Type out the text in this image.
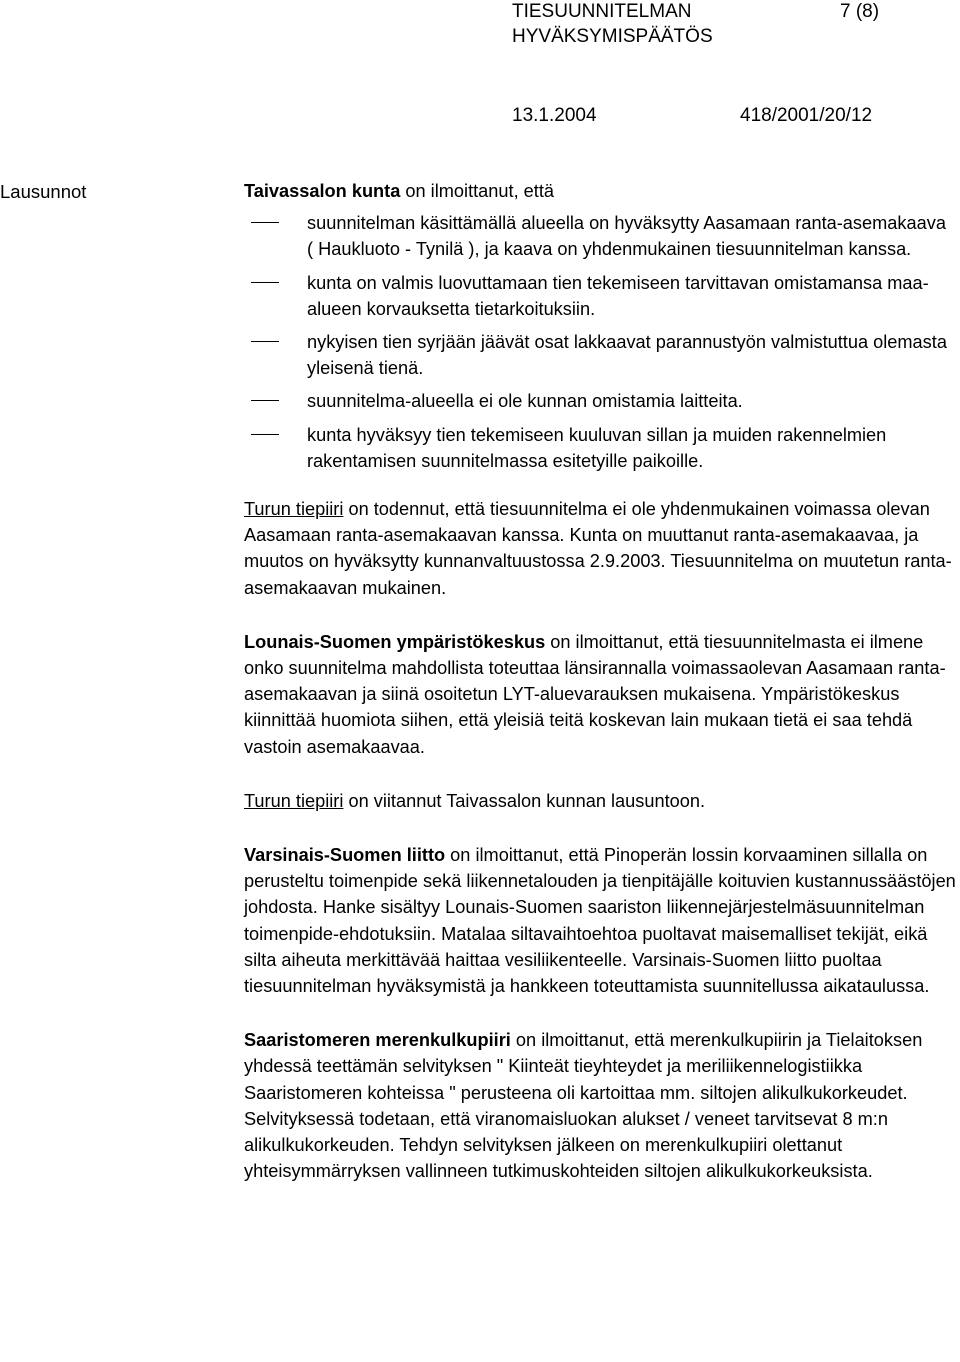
TIESUUNNITELMAN	7 (8)
HYVÄKSYMISPÄÄTÖS
13.1.2004	418/2001/20/12
Lausunnot	Taivassalon kunta on ilmoittanut, että

suunnitelman käsittämällä alueella on hyväksytty Aasamaan ranta-asemakaava ( Haukluoto - Tynilä ), ja kaava on yhdenmukainen tiesuunnitelman kanssa.
kunta on valmis luovuttamaan tien tekemiseen tarvittavan omistamansa maa-alueen korvauksetta tietarkoituksiin.
nykyisen tien syrjään jäävät osat lakkaavat parannustyön valmistuttua olemasta yleisenä tienä.
suunnitelma-alueella ei ole kunnan omistamia laitteita.
kunta hyväksyy tien tekemiseen kuuluvan sillan ja muiden rakennelmien rakentamisen suunnitelmassa esitetyille paikoille.

Turun tiepiiri on todennut, että tiesuunnitelma ei ole yhdenmukainen voimassa olevan Aasamaan ranta-asemakaavan kanssa. Kunta on muuttanut ranta-asemakaavaa, ja muutos on hyväksytty kunnanvaltuustossa 2.9.2003. Tiesuunnitelma on muutetun ranta-asemakaavan mukainen.

Lounais-Suomen ympäristökeskus on ilmoittanut, että tiesuunnitelmasta ei ilmene onko suunnitelma mahdollista toteuttaa länsirannalla voimassaolevan Aasamaan ranta-asemakaavan ja siinä osoitetun LYT-aluevarauksen mukaisena. Ympäristökeskus kiinnittää huomiota siihen, että yleisiä teitä koskevan lain mukaan tietä ei saa tehdä vastoin asemakaavaa.

Turun tiepiiri on viitannut Taivassalon kunnan lausuntoon.

Varsinais-Suomen liitto on ilmoittanut, että Pinoperän lossin korvaaminen sillalla on perusteltu toimenpide sekä liikennetalouden ja tienpitäjälle koituvien kustannussäästöjen johdosta. Hanke sisältyy Lounais-Suomen saariston liikennejärjestelmäsuunnitelman toimenpide-ehdotuksiin. Matalaa siltavaihtoehtoa puoltavat maisemalliset tekijät, eikä silta aiheuta merkittävää haittaa vesiliikenteelle. Varsinais-Suomen liitto puoltaa tiesuunnitelman hyväksymistä ja hankkeen toteuttamista suunnitellussa aikataulussa.

Saaristomeren merenkulkupiiri on ilmoittanut, että merenkulkupiirin ja Tielaitoksen yhdessä teettämän selvityksen " Kiinteät tieyhteydet ja meriliikennelogistiikka Saaristomeren kohteissa " perusteena oli kartoittaa mm. siltojen alikulkukorkeudet. Selvityksessä todetaan, että viranomaisluokan alukset / veneet tarvitsevat 8 m:n alikulkukorkeuden. Tehdyn selvityksen jälkeen on merenkulkupiiri olettanut yhteisymmärryksen vallinneen tutkimuskohteiden siltojen alikulkukorkeuksista.
